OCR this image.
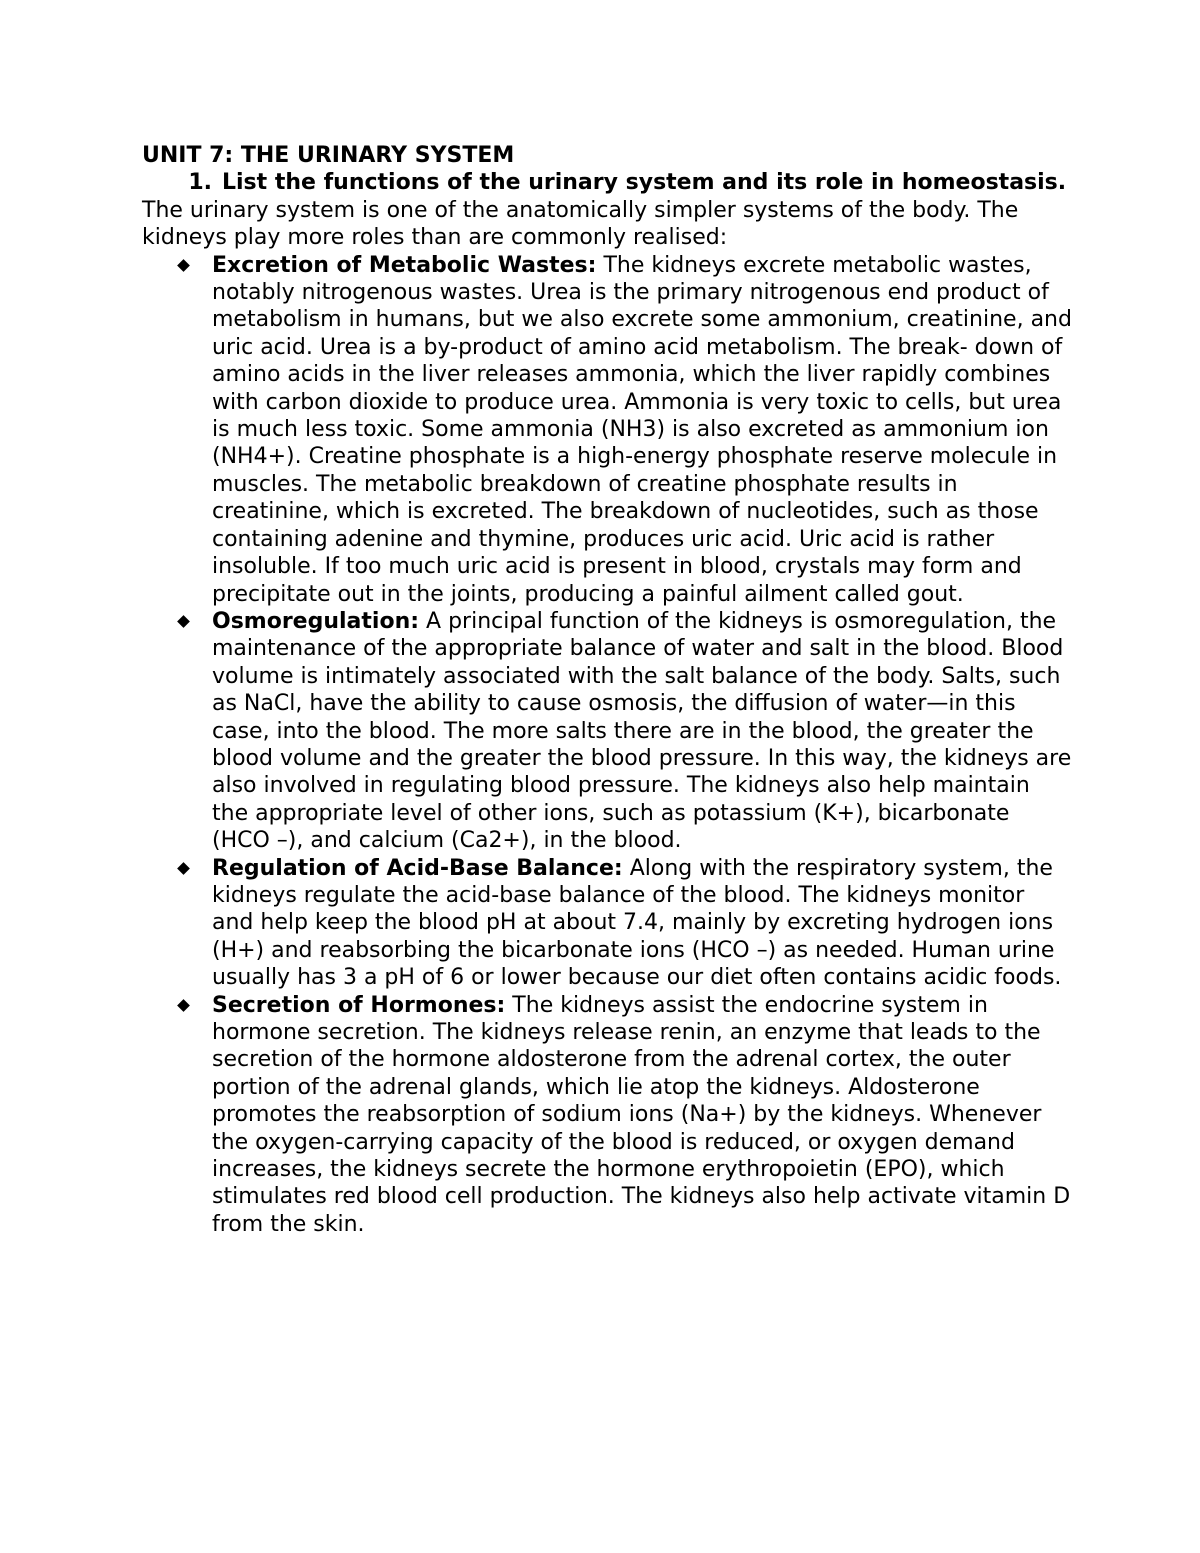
UNIT 7: THE URINARY SYSTEM

1. List the functions of the urinary system and its role in homeostasis.

The urinary system is one of the anatomically simpler systems of the body. The kidneys play more roles than are commonly realised:

Excretion of Metabolic Wastes: The kidneys excrete metabolic wastes, notably nitrogenous wastes. Urea is the primary nitrogenous end product of metabolism in humans, but we also excrete some ammonium, creatinine, and uric acid. Urea is a by-product of amino acid metabolism. The break- down of amino acids in the liver releases ammonia, which the liver rapidly combines with carbon dioxide to produce urea. Ammonia is very toxic to cells, but urea is much less toxic. Some ammonia (NH3) is also excreted as ammonium ion (NH4+). Creatine phosphate is a high-energy phosphate reserve molecule in muscles. The metabolic breakdown of creatine phosphate results in creatinine, which is excreted. The breakdown of nucleotides, such as those containing adenine and thymine, produces uric acid. Uric acid is rather insoluble. If too much uric acid is present in blood, crystals may form and precipitate out in the joints, producing a painful ailment called gout.
Osmoregulation: A principal function of the kidneys is osmoregulation, the maintenance of the appropriate balance of water and salt in the blood. Blood volume is intimately associated with the salt balance of the body. Salts, such as NaCl, have the ability to cause osmosis, the diffusion of water—in this case, into the blood. The more salts there are in the blood, the greater the blood volume and the greater the blood pressure. In this way, the kidneys are also involved in regulating blood pressure. The kidneys also help maintain the appropriate level of other ions, such as potassium (K+), bicarbonate (HCO –), and calcium (Ca2+), in the blood.
Regulation of Acid-Base Balance: Along with the respiratory system, the kidneys regulate the acid-base balance of the blood. The kidneys monitor and help keep the blood pH at about 7.4, mainly by excreting hydrogen ions (H+) and reabsorbing the bicarbonate ions (HCO –) as needed. Human urine usually has 3 a pH of 6 or lower because our diet often contains acidic foods.
Secretion of Hormones: The kidneys assist the endocrine system in hormone secretion. The kidneys release renin, an enzyme that leads to the secretion of the hormone aldosterone from the adrenal cortex, the outer portion of the adrenal glands, which lie atop the kidneys. Aldosterone promotes the reabsorption of sodium ions (Na+) by the kidneys. Whenever the oxygen-carrying capacity of the blood is reduced, or oxygen demand increases, the kidneys secrete the hormone erythropoietin (EPO), which stimulates red blood cell production. The kidneys also help activate vitamin D from the skin.
